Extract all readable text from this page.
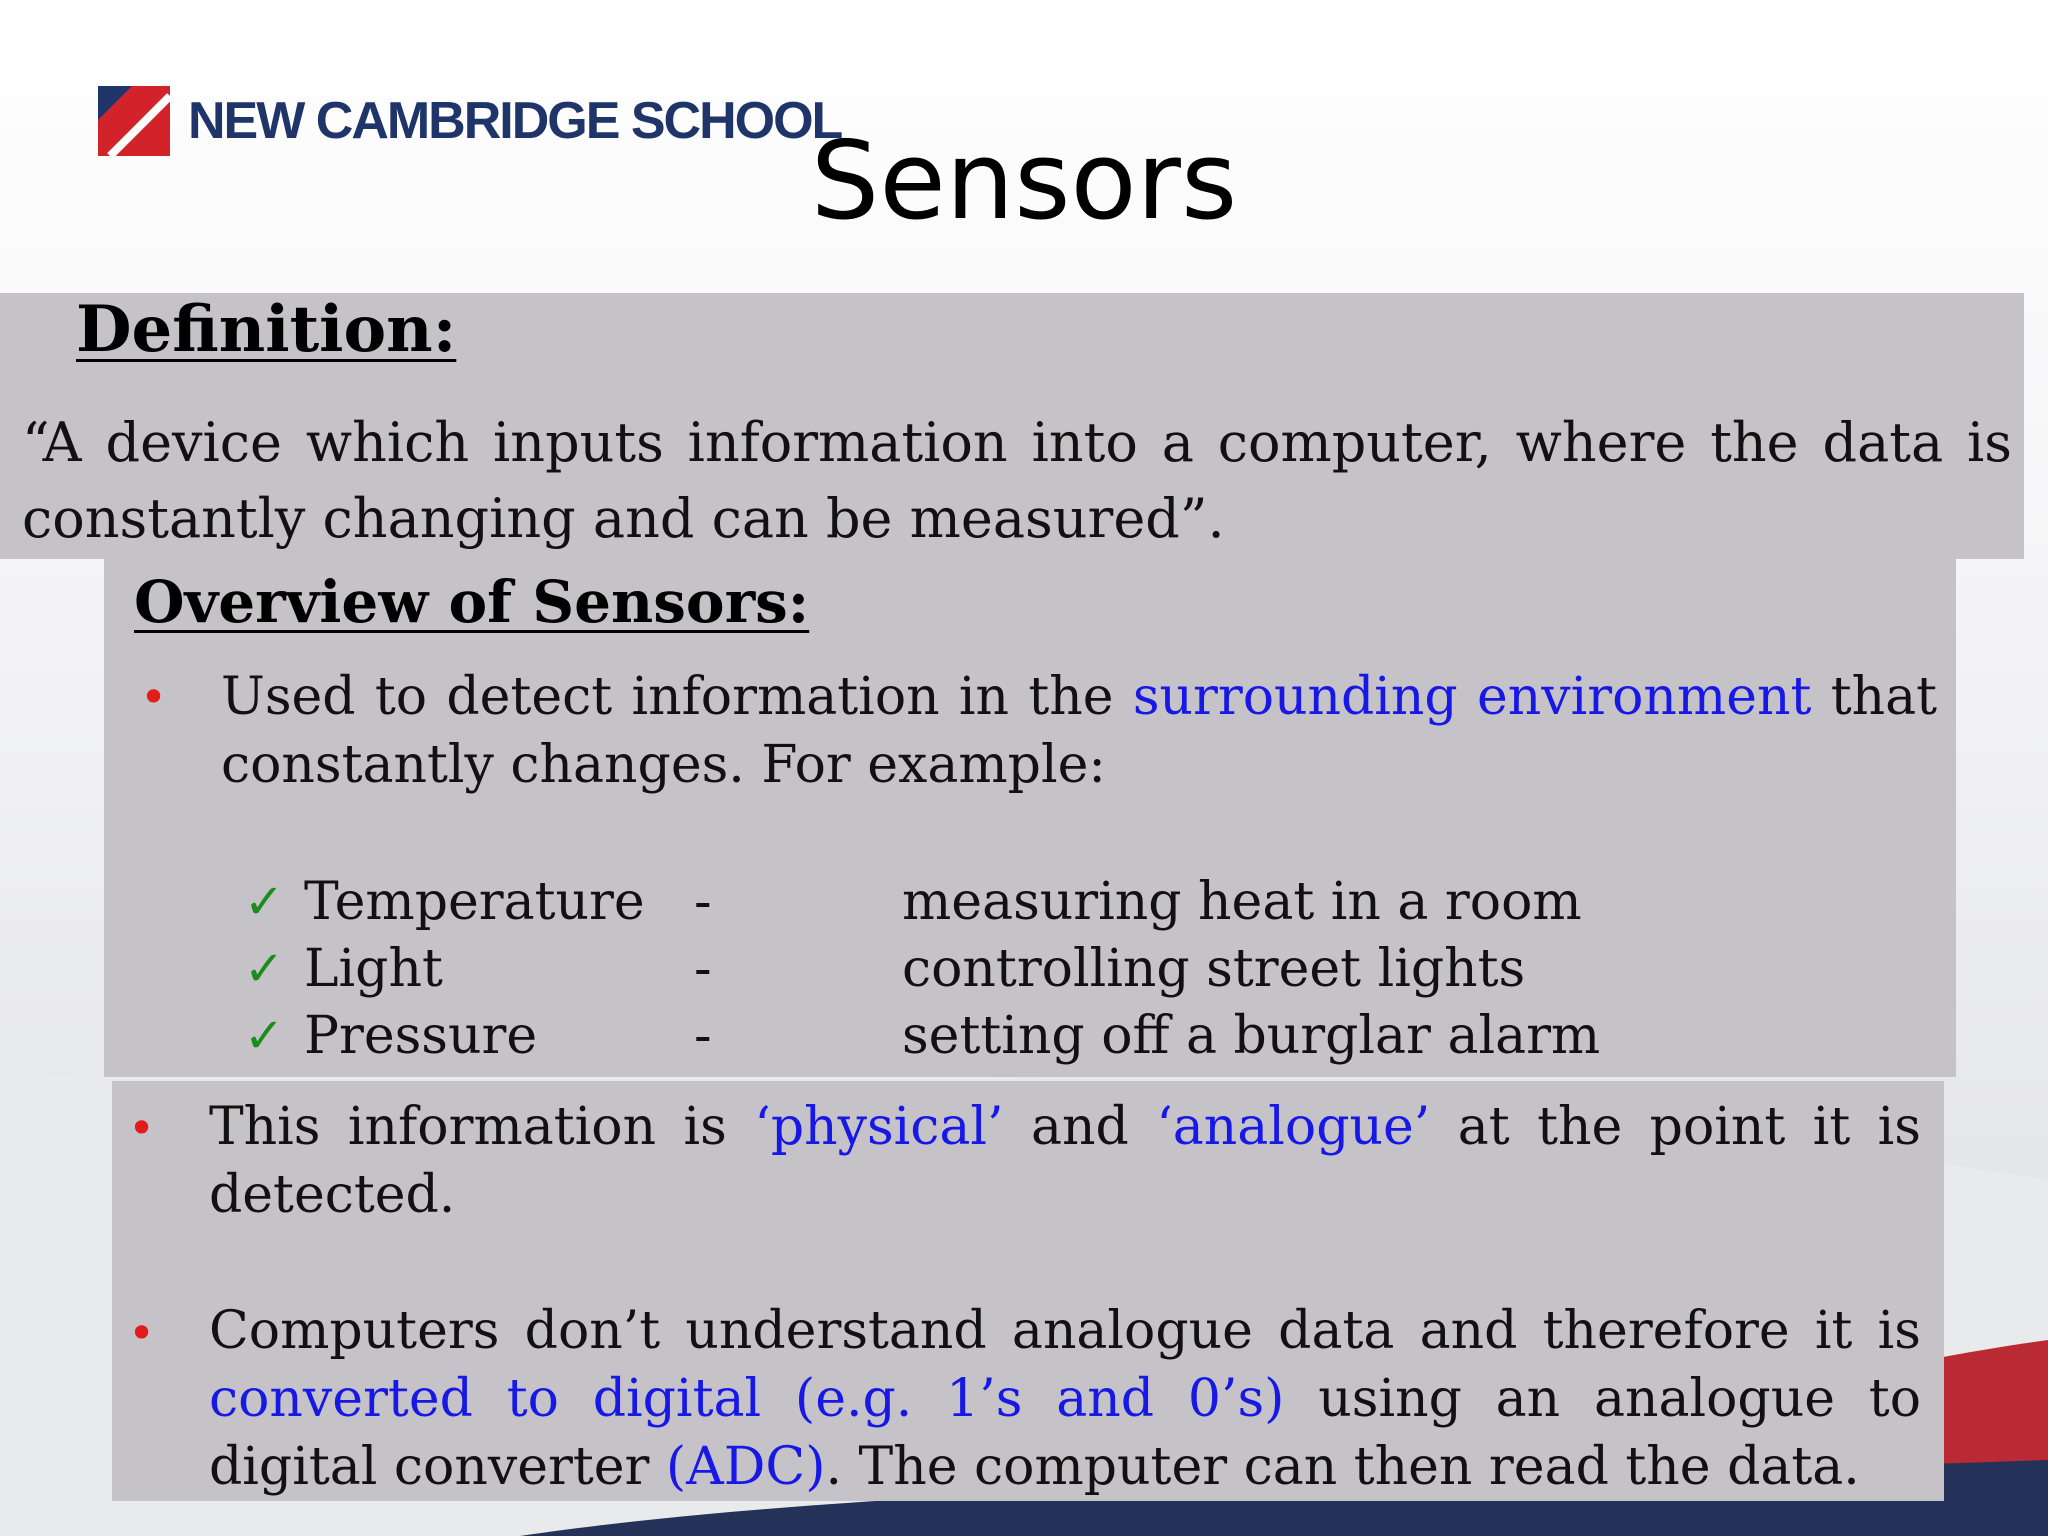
NEW CAMBRIDGE SCHOOL
Sensors
Definition:
“A device which inputs information into a computer, where the data is constantly changing and can be measured”.
Overview of Sensors:
• Used to detect information in the surrounding environment that constantly changes. For example:
✓ Temperature -	measuring heat in a room
✓ Light	-	controlling street lights
✓ Pressure	-	setting off a burglar alarm
• This information is ‘physical’ and ‘analogue’ at the point it is detected.
• Computers don’t understand analogue data and therefore it is converted to digital (e.g. 1’s and 0’s) using an analogue to digital converter (ADC). The computer can then read the data.
